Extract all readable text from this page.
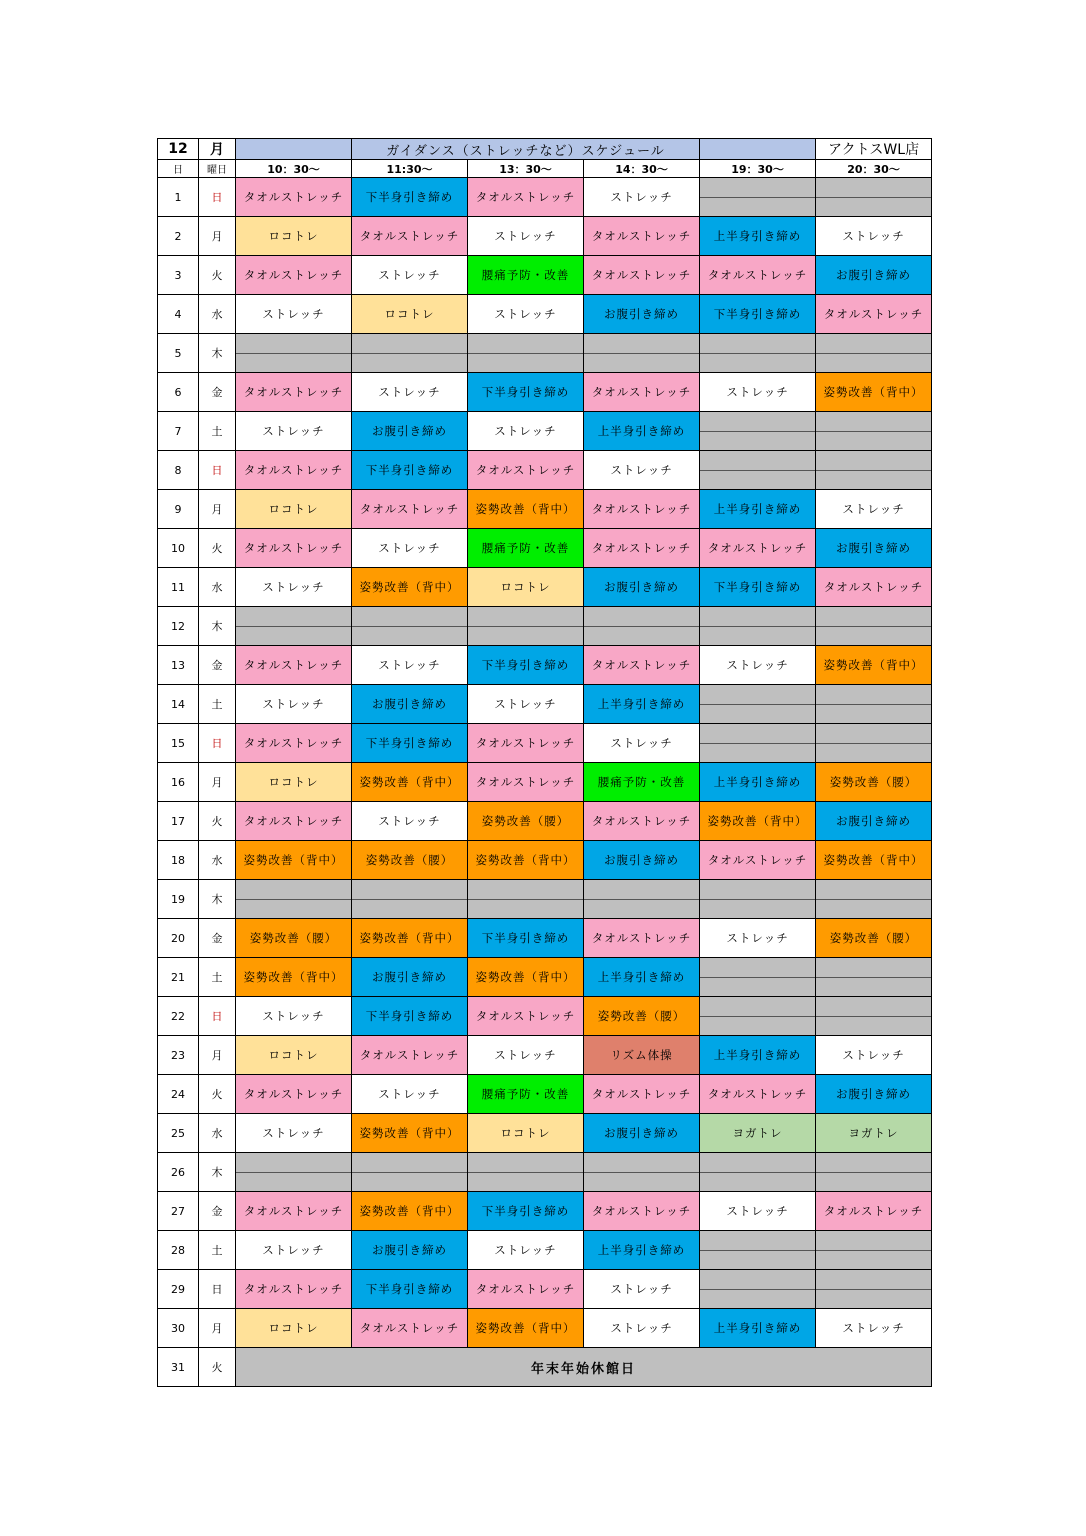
12	月		ガイダンス（ストレッチなど）スケジュール				アクトスWL店
日	曜日	10：30～	11:30～	13：30～	14：30～	19：30～	20：30～
1	日	タオルストレッチ	下半身引き締め	タオルストレッチ	ストレッチ		
2	月	ロコトレ	タオルストレッチ	ストレッチ	タオルストレッチ	上半身引き締め	ストレッチ
3	火	タオルストレッチ	ストレッチ	腰痛予防・改善	タオルストレッチ	タオルストレッチ	お腹引き締め
4	水	ストレッチ	ロコトレ	ストレッチ	お腹引き締め	下半身引き締め	タオルストレッチ
5	木						
6	金	タオルストレッチ	ストレッチ	下半身引き締め	タオルストレッチ	ストレッチ	姿勢改善（背中）
7	土	ストレッチ	お腹引き締め	ストレッチ	上半身引き締め		
8	日	タオルストレッチ	下半身引き締め	タオルストレッチ	ストレッチ		
9	月	ロコトレ	タオルストレッチ	姿勢改善（背中）	タオルストレッチ	上半身引き締め	ストレッチ
10	火	タオルストレッチ	ストレッチ	腰痛予防・改善	タオルストレッチ	タオルストレッチ	お腹引き締め
11	水	ストレッチ	姿勢改善（背中）	ロコトレ	お腹引き締め	下半身引き締め	タオルストレッチ
12	木						
13	金	タオルストレッチ	ストレッチ	下半身引き締め	タオルストレッチ	ストレッチ	姿勢改善（背中）
14	土	ストレッチ	お腹引き締め	ストレッチ	上半身引き締め		
15	日	タオルストレッチ	下半身引き締め	タオルストレッチ	ストレッチ		
16	月	ロコトレ	姿勢改善（背中）	タオルストレッチ	腰痛予防・改善	上半身引き締め	姿勢改善（腰）
17	火	タオルストレッチ	ストレッチ	姿勢改善（腰）	タオルストレッチ	姿勢改善（背中）	お腹引き締め
18	水	姿勢改善（背中）	姿勢改善（腰）	姿勢改善（背中）	お腹引き締め	タオルストレッチ	姿勢改善（背中）
19	木						
20	金	姿勢改善（腰）	姿勢改善（背中）	下半身引き締め	タオルストレッチ	ストレッチ	姿勢改善（腰）
21	土	姿勢改善（背中）	お腹引き締め	姿勢改善（背中）	上半身引き締め		
22	日	ストレッチ	下半身引き締め	タオルストレッチ	姿勢改善（腰）		
23	月	ロコトレ	タオルストレッチ	ストレッチ	リズム体操	上半身引き締め	ストレッチ
24	火	タオルストレッチ	ストレッチ	腰痛予防・改善	タオルストレッチ	タオルストレッチ	お腹引き締め
25	水	ストレッチ	姿勢改善（背中）	ロコトレ	お腹引き締め	ヨガトレ	ヨガトレ
26	木						
27	金	タオルストレッチ	姿勢改善（背中）	下半身引き締め	タオルストレッチ	ストレッチ	タオルストレッチ
28	土	ストレッチ	お腹引き締め	ストレッチ	上半身引き締め		
29	日	タオルストレッチ	下半身引き締め	タオルストレッチ	ストレッチ		
30	月	ロコトレ	タオルストレッチ	姿勢改善（背中）	ストレッチ	上半身引き締め	ストレッチ
31	火	年末年始休館日					
